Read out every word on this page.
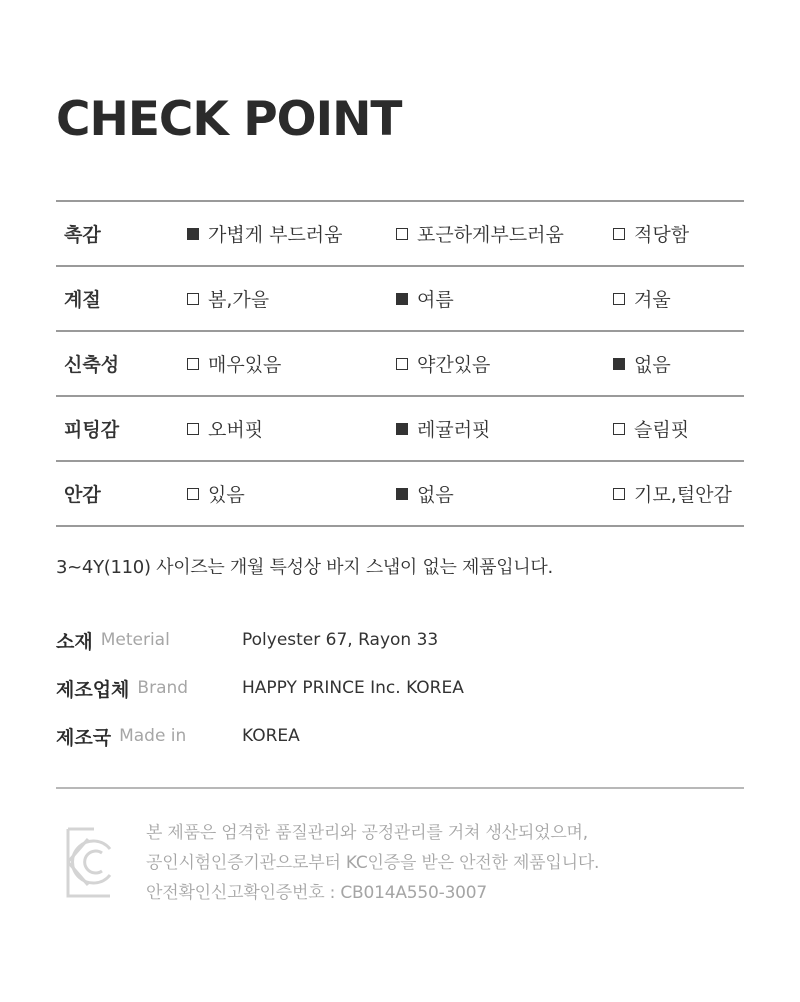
CHECK POINT
촉감	가볍게 부드러움	포근하게부드러움	적당함
계절	봄,가을	여름	겨울
신축성	매우있음	약간있음	없음
피팅감	오버핏	레귤러핏	슬림핏
안감	있음	없음	기모,털안감
3~4Y(110) 사이즈는 개월 특성상 바지 스냅이 없는 제품입니다.
소재 Meterial	Polyester 67, Rayon 33
제조업체 Brand	HAPPY PRINCE Inc. KOREA
제조국 Made in	KOREA
본 제품은 엄격한 품질관리와 공정관리를 거쳐 생산되었으며,
공인시험인증기관으로부터 KC인증을 받은 안전한 제품입니다.
안전확인신고확인증번호 : CB014A550-3007
